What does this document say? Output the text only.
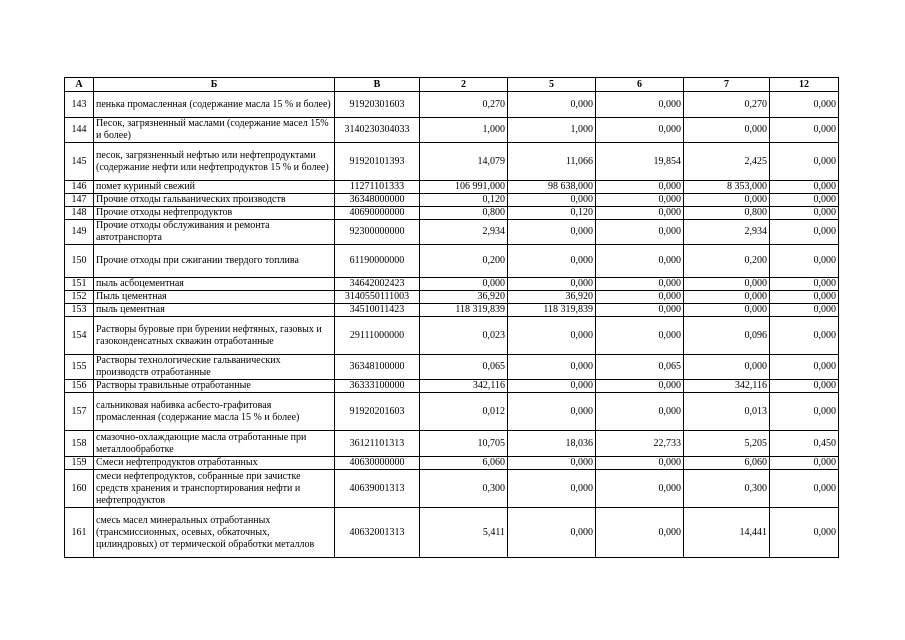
А	Б	В	2	5	6	7	12
143	пенька промасленная (содержание масла 15 % и более)	91920301603	0,270	0,000	0,000	0,270	0,000
144	Песок, загрязненный маслами (содержание масел 15% и более)	3140230304033	1,000	1,000	0,000	0,000	0,000
145	песок, загрязненный нефтью или нефтепродуктами (содержание нефти или нефтепродуктов 15 % и более)	91920101393	14,079	11,066	19,854	2,425	0,000
146	помет куриный свежий	11271101333	106 991,000	98 638,000	0,000	8 353,000	0,000
147	Прочие отходы гальванических производств	36348000000	0,120	0,000	0,000	0,000	0,000
148	Прочие отходы нефтепродуктов	40690000000	0,800	0,120	0,000	0,800	0,000
149	Прочие отходы обслуживания и ремонта автотранспорта	92300000000	2,934	0,000	0,000	2,934	0,000
150	Прочие отходы при сжигании твердого топлива	61190000000	0,200	0,000	0,000	0,200	0,000
151	пыль асбоцементная	34642002423	0,000	0,000	0,000	0,000	0,000
152	Пыль цементная	3140550111003	36,920	36,920	0,000	0,000	0,000
153	пыль цементная	34510011423	118 319,839	118 319,839	0,000	0,000	0,000
154	Растворы буровые при бурении нефтяных, газовых и газоконденсатных скважин отработанные	29111000000	0,023	0,000	0,000	0,096	0,000
155	Растворы технологические гальванических производств отработанные	36348100000	0,065	0,000	0,065	0,000	0,000
156	Растворы травильные отработанные	36333100000	342,116	0,000	0,000	342,116	0,000
157	сальниковая набивка асбесто-графитовая промасленная (содержание масла 15 % и более)	91920201603	0,012	0,000	0,000	0,013	0,000
158	смазочно-охлаждающие масла отработанные при металлообработке	36121101313	10,705	18,036	22,733	5,205	0,450
159	Смеси нефтепродуктов отработанных	40630000000	6,060	0,000	0,000	6,060	0,000
160	смеси нефтепродуктов, собранные при зачистке средств хранения и транспортирования нефти и нефтепродуктов	40639001313	0,300	0,000	0,000	0,300	0,000
161	смесь масел минеральных отработанных (трансмиссионных, осевых, обкаточных, цилиндровых) от термической обработки металлов	40632001313	5,411	0,000	0,000	14,441	0,000
